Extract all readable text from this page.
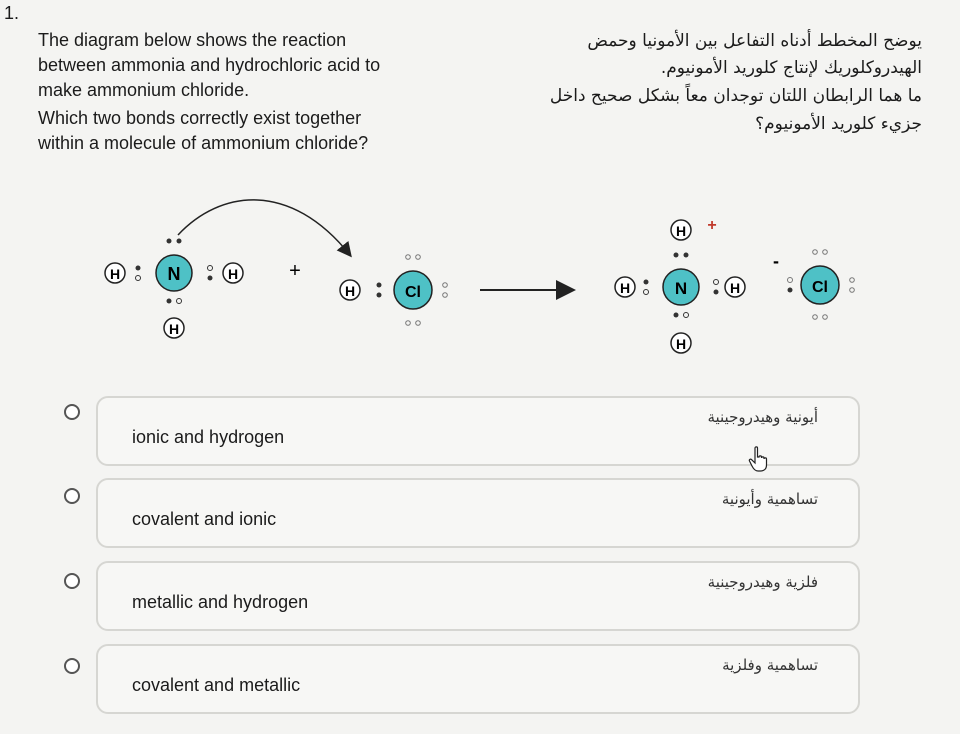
1.
The diagram below shows the reaction
between ammonia and hydrochloric acid to
make ammonium chloride.
Which two bonds correctly exist together
within a molecule of ammonium chloride?
يوضح المخطط أدناه التفاعل بين الأمونيا وحمض
الهيدروكلوريك لإنتاج كلوريد الأمونيوم.
ما هما الرابطان اللتان توجدان معاً بشكل صحيح داخل
جزيء كلوريد الأمونيوم؟
N
H	H
H
+
H	Cl	N
H +
H	H
H
-
Cl
أيونية وهيدروجينية
ionic and hydrogen
تساهمية وأيونية
covalent and ionic
فلزية وهيدروجينية
metallic and hydrogen
تساهمية وفلزية
covalent and metallic
